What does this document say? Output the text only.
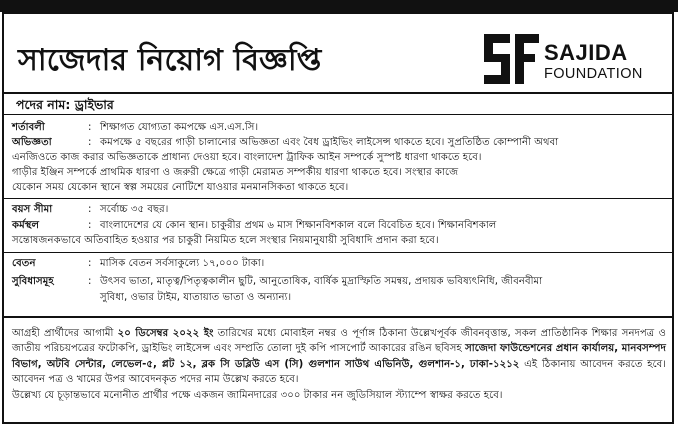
সাজেদার নিয়োগ বিজ্ঞপ্তি	SAJIDA
FOUNDATION
পদের নাম: ড্রাইভার
শর্তাবলী	: শিক্ষাগত যোগ্যতা কমপক্ষে এস.এস.সি।
অভিজ্ঞতা	: কমপক্ষে ৫ বছরের গাড়ী চালানোর অভিজ্ঞতা এবং বৈধ ড্রাইভিং লাইসেন্স থাকতে হবে। সুপ্রতিষ্ঠিত কোম্পানী অথবা
এনজিওতে কাজ করার অভিজ্ঞতাকে প্রাধান্য দেওয়া হবে। বাংলাদেশ ট্রাফিক আইন সম্পর্কে সুস্পষ্ট ধারণা থাকতে হবে।
গাড়ীর ইঞ্জিন সম্পর্কে প্রাথমিক ধারণা ও জরুরী ক্ষেত্রে গাড়ী মেরামত সম্পর্কীয় ধারণা থাকতে হবে। সংস্থার কাজে
যেকোন সময় যেকোন স্থানে স্বল্প সময়ের নোটিশে যাওয়ার মনমানসিকতা থাকতে হবে।
বয়স সীমা	: সর্বোচ্চ ৩৫ বছর।
কর্মস্থল	: বাংলাদেশের যে কোন স্থান। চাকুরীর প্রথম ৬ মাস শিক্ষানবিশকাল বলে বিবেচিত হবে। শিক্ষানবিশকাল
সন্তোষজনকভাবে অতিবাহিত হওয়ার পর চাকুরী নিয়মিত হলে সংস্থার নিয়মানুযায়ী সুবিধাদি প্রদান করা হবে।
বেতন	: মাসিক বেতন সর্বসাকুল্যে ১৭,০০০ টাকা।
সুবিধাসমূহ	: উৎসব ভাতা, মাতৃত্ব/পিতৃত্বকালীন ছুটি, আনুতোষিক, বার্ষিক মুদ্রাস্ফিতি সমন্বয়, প্রদায়ক ভবিষ্যৎনিধি, জীবনবীমা
সুবিধা, ওভার টাইম, যাতায়াত ভাতা ও অন্যান্য।
আগ্রহী প্রার্থীদের আগামী ২০ ডিসেম্বর ২০২২ ইং তারিখের মধ্যে মোবাইল নম্বর ও পূর্ণাঙ্গ ঠিকানা উল্লেখপূর্বক জীবনবৃত্তান্ত, সকল প্রাতিষ্ঠানিক শিক্ষার সনদপত্র ও জাতীয় পরিচয়পত্রের ফটোকপি, ড্রাইভিং লাইসেন্স এবং সম্প্রতি তোলা দুই কপি পাসপোর্ট আকারের রঙিন ছবিসহ সাজেদা ফাউন্ডেশনের প্রধান কার্যালয়, মানবসম্পদ বিভাগ, অটবি সেন্টার, লেভেল-৫, প্লট ১২, ব্লক সি ডব্লিউ এস (সি) গুলশান সাউথ এভিনিউ, গুলশান-১, ঢাকা-১২১২ এই ঠিকানায় আবেদন করতে হবে। আবেদন পত্র ও খামের উপর আবেদনকৃত পদের নাম উল্লেখ করতে হবে।
উল্লেখ্য যে চূড়ান্তভাবে মনোনীত প্রার্থীর পক্ষে একজন জামিনদারের ৩০০ টাকার নন জুডিসিয়াল স্ট্যাম্পে স্বাক্ষর করতে হবে।
